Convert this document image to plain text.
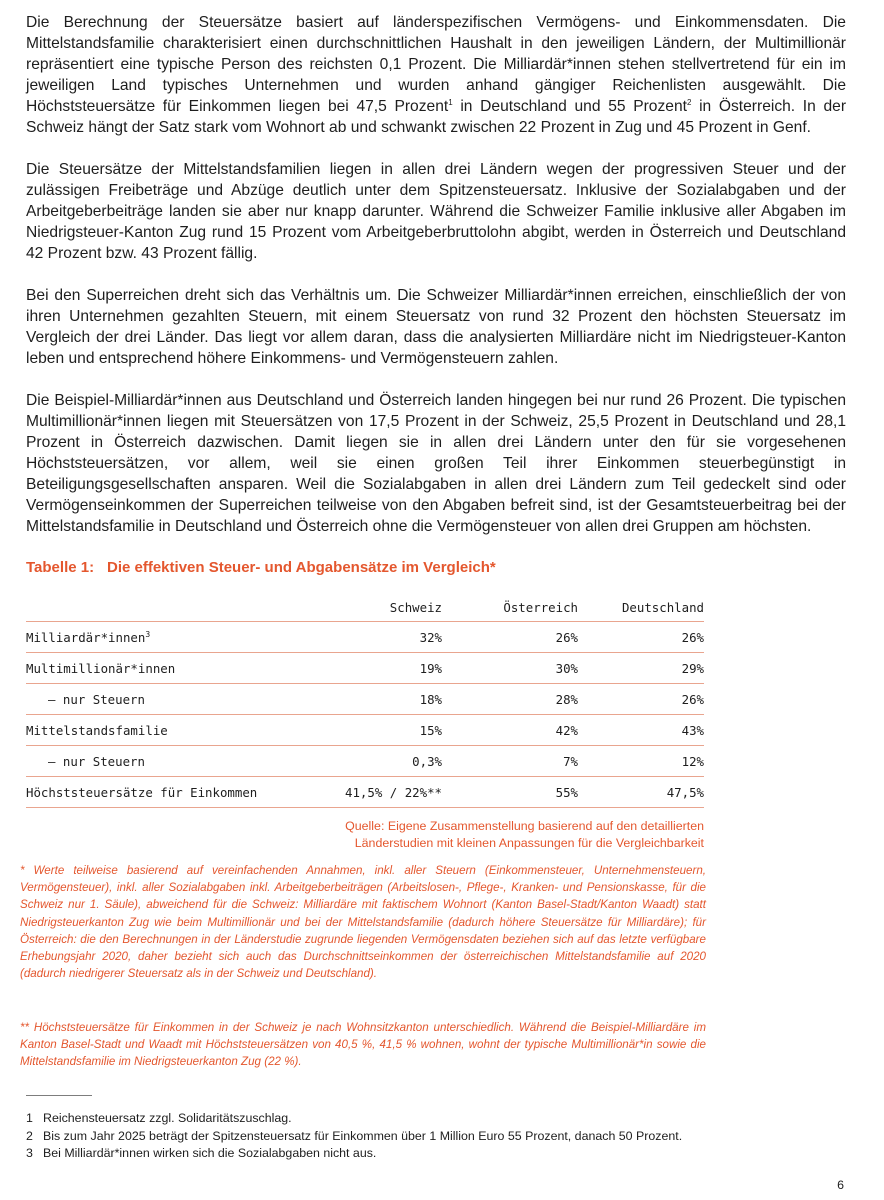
Die Berechnung der Steuersätze basiert auf länderspezifischen Vermögens- und Einkommensdaten. Die Mittelstandsfamilie charakterisiert einen durchschnittlichen Haushalt in den jeweiligen Ländern, der Multimillionär repräsentiert eine typische Person des reichsten 0,1 Prozent. Die Milliardär*innen stehen stellvertretend für ein im jeweiligen Land typisches Unternehmen und wurden anhand gängiger Reichenlisten ausgewählt. Die Höchststeuersätze für Einkommen liegen bei 47,5 Prozent$^1$ in Deutschland und 55 Prozent$^2$ in Österreich. In der Schweiz hängt der Satz stark vom Wohnort ab und schwankt zwischen 22 Prozent in Zug und 45 Prozent in Genf.

Die Steuersätze der Mittelstandsfamilien liegen in allen drei Ländern wegen der progressiven Steuer und der zulässigen Freibeträge und Abzüge deutlich unter dem Spitzensteuersatz. Inklusive der Sozialabgaben und der Arbeitgeberbeiträge landen sie aber nur knapp darunter. Während die Schweizer Familie inklusive aller Abgaben im Niedrigsteuer-Kanton Zug rund 15 Prozent vom Arbeitgeberbruttolohn abgibt, werden in Österreich und Deutschland 42 Prozent bzw. 43 Prozent fällig.

Bei den Superreichen dreht sich das Verhältnis um. Die Schweizer Milliardär*innen erreichen, einschließlich der von ihren Unternehmen gezahlten Steuern, mit einem Steuersatz von rund 32 Prozent den höchsten Steuersatz im Vergleich der drei Länder. Das liegt vor allem daran, dass die analysierten Milliardäre nicht im Niedrigsteuer-Kanton leben und entsprechend höhere Einkommens- und Vermögensteuern zahlen.

Die Beispiel-Milliardär*innen aus Deutschland und Österreich landen hingegen bei nur rund 26 Prozent. Die typischen Multimillionär*innen liegen mit Steuersätzen von 17,5 Prozent in der Schweiz, 25,5 Prozent in Deutschland und 28,1 Prozent in Österreich dazwischen. Damit liegen sie in allen drei Ländern unter den für sie vorgesehenen Höchststeuersätzen, vor allem, weil sie einen großen Teil ihrer Einkommen steuerbegünstigt in Beteiligungsgesellschaften ansparen. Weil die Sozialabgaben in allen drei Ländern zum Teil gedeckelt sind oder Vermögenseinkommen der Superreichen teilweise von den Abgaben befreit sind, ist der Gesamtsteuerbeitrag bei der Mittelstandsfamilie in Deutschland und Österreich ohne die Vermögensteuer von allen drei Gruppen am höchsten.

Tabelle 1: Die effektiven Steuer- und Abgabensätze im Vergleich*
	Schweiz	Österreich	Deutschland
Milliardär*innen$^3$	32%	26%	26%
Multimillionär*innen	19%	30%	29%
— nur Steuern	18%	28%	26%
Mittelstandsfamilie	15%	42%	43%
— nur Steuern	0,3%	7%	12%
Höchststeuersätze für Einkommen	41,5% / 22%**	55%	47,5%
Quelle: Eigene Zusammenstellung basierend auf den detaillierten
Länderstudien mit kleinen Anpassungen für die Vergleichbarkeit

* Werte teilweise basierend auf vereinfachenden Annahmen, inkl. aller Steuern (Einkommensteuer, Unternehmensteuern, Vermögensteuer), inkl. aller Sozialabgaben inkl. Arbeitgeberbeiträgen (Arbeitslosen-, Pflege-, Kranken- und Pensionskasse, für die Schweiz nur 1. Säule), abweichend für die Schweiz: Milliardäre mit faktischem Wohnort (Kanton Basel-Stadt/Kanton Waadt) statt Niedrigsteuerkanton Zug wie beim Multimillionär und bei der Mittelstandsfamilie (dadurch höhere Steuersätze für Milliardäre); für Österreich: die den Berechnungen in der Länderstudie zugrunde liegenden Vermögensdaten beziehen sich auf das letzte verfügbare Erhebungsjahr 2020, daher bezieht sich auch das Durchschnittseinkommen der österreichischen Mittelstandsfamilie auf 2020 (dadurch niedrigerer Steuersatz als in der Schweiz und Deutschland).

** Höchststeuersätze für Einkommen in der Schweiz je nach Wohnsitzkanton unterschiedlich. Während die Beispiel-Milliardäre im Kanton Basel-Stadt und Waadt mit Höchststeuersätzen von 40,5 %, 41,5 % wohnen, wohnt der typische Multimillionär*in sowie die Mittelstandsfamilie im Niedrigsteuerkanton Zug (22 %).

1 Reichensteuersatz zzgl. Solidaritätszuschlag.
2 Bis zum Jahr 2025 beträgt der Spitzensteuersatz für Einkommen über 1 Million Euro 55 Prozent, danach 50 Prozent.
3 Bei Milliardär*innen wirken sich die Sozialabgaben nicht aus.
6
